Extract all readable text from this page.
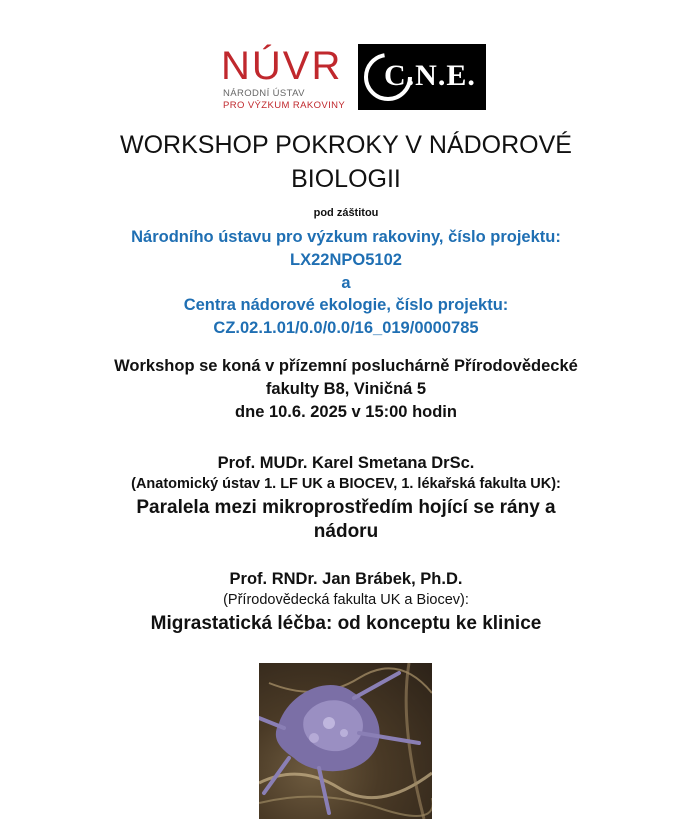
NÚVR
NÁRODNÍ ÚSTAV
PRO VÝZKUM RAKOVINY
C.N.E.
WORKSHOP POKROKY V NÁDOROVÉ
BIOLOGII
pod záštitou
Národního ústavu pro výzkum rakoviny, číslo projektu:
LX22NPO5102
a
Centra nádorové ekologie, číslo projektu:
CZ.02.1.01/0.0/0.0/16_019/0000785
Workshop se koná v přízemní posluchárně Přírodovědecké
fakulty B8, Viničná 5
dne 10.6. 2025 v 15:00 hodin
Prof. MUDr. Karel Smetana DrSc.
(Anatomický ústav 1. LF UK a BIOCEV, 1. lékařská fakulta UK):
Paralela mezi mikroprostředím hojící se rány a
nádoru
Prof. RNDr. Jan Brábek, Ph.D.
(Přírodovědecká fakulta UK a Biocev):
Migrastatická léčba: od konceptu ke klinice
